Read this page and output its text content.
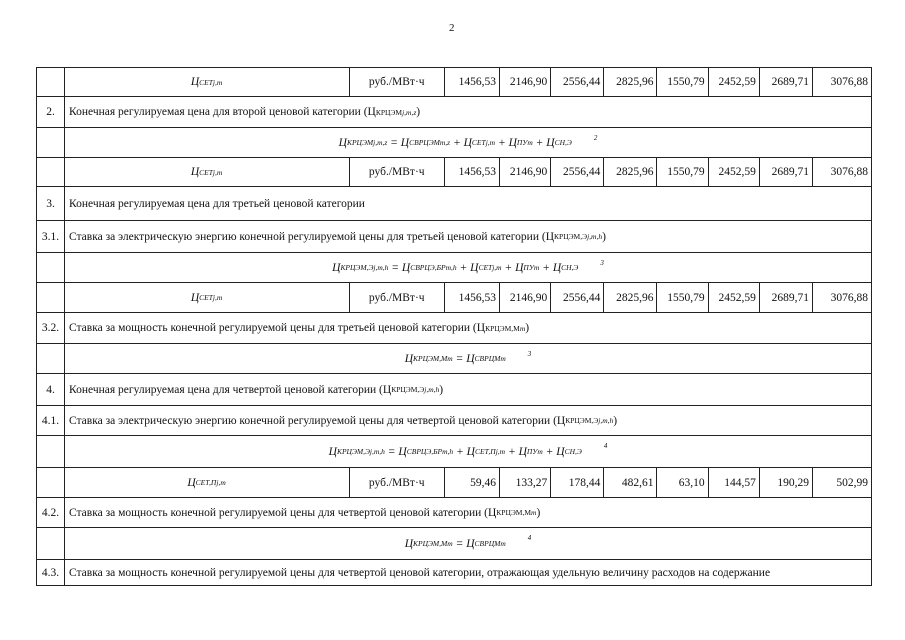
2
Ц СЕТ j,m	руб./МВт·ч	1456,53	2146,90	2556,44	2825,96	1550,79	2452,59	2689,71	3076,88
2.	Конечная регулируемая цена для второй ценовой категории (Ц КРЦЭМ j,m,z )
Ц КРЦЭМ j,m,z
= Ц СВРЦЭМ m,z
+ Ц СЕТ j,m
+ Ц ПУ m
+ Ц СН,Э	2
Ц СЕТ j,m	руб./МВт·ч	1456,53	2146,90	2556,44	2825,96	1550,79	2452,59	2689,71	3076,88
3.	Конечная регулируемая цена для третьей ценовой категории
3.1. Ставка за электрическую энергию конечной регулируемой цены для третьей ценовой категории (Ц КРЦЭМ,Э j,m,h )
Ц КРЦЭМ,Э j,m,h
= Ц СВРЦЭ,БР m,h
+ Ц СЕТ j,m
+ Ц ПУ m
+ Ц СН,Э	3
Ц СЕТ j,m	руб./МВт·ч	1456,53	2146,90	2556,44	2825,96	1550,79	2452,59	2689,71	3076,88
3.2. Ставка за мощность конечной регулируемой цены для третьей ценовой категории (Ц КРЦЭМ,М m )
Ц КРЦЭМ,М m
= Ц СВРЦМ m	3
4.	Конечная регулируемая цена для четвертой ценовой категории (Ц КРЦЭМ,Э j,m,h )
4.1. Ставка за электрическую энергию конечной регулируемой цены для четвертой ценовой категории (Ц КРЦЭМ,Э j,m,h )
Ц КРЦЭМ,Э j,m,h
= Ц СВРЦЭ,БР m,h
+ Ц СЕТ,П j,m
+ Ц ПУ m
+ Ц СН,Э
4
Ц СЕТ,П j,m	руб./МВт·ч	59,46	133,27	178,44	482,61	63,10	144,57	190,29	502,99
4.2. Ставка за мощность конечной регулируемой цены для четвертой ценовой категории (Ц КРЦЭМ,М m )
Ц КРЦЭМ,М m
= Ц СВРЦМ m
4
4.3. Ставка за мощность конечной регулируемой цены для четвертой ценовой категории, отражающая удельную величину расходов на содержание
